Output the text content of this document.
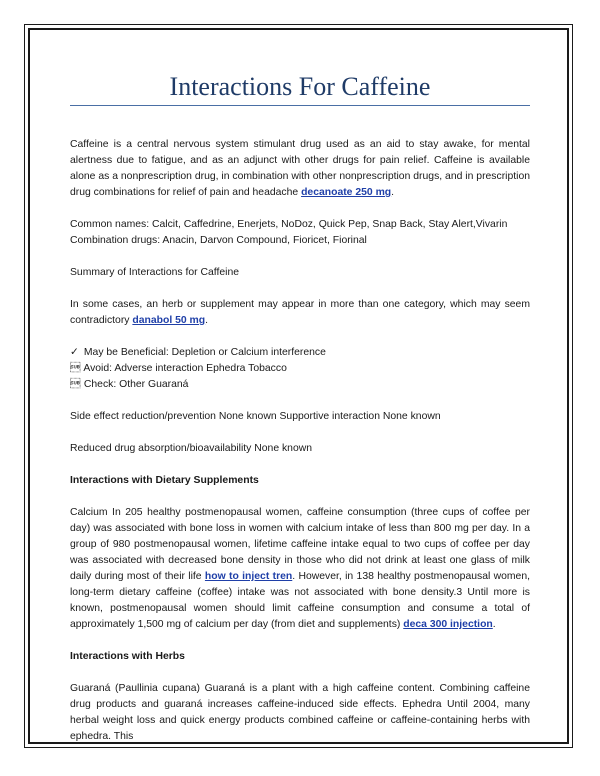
Interactions For Caffeine

Caffeine is a central nervous system stimulant drug used as an aid to stay awake, for mental alertness due to fatigue, and as an adjunct with other drugs for pain relief. Caffeine is available alone as a nonprescription drug, in combination with other nonprescription drugs, and in prescription drug combinations for relief of pain and headache decanoate 250 mg.

Common names: Calcit, Caffedrine, Enerjets, NoDoz, Quick Pep, Snap Back, Stay Alert,Vivarin
Combination drugs: Anacin, Darvon Compound, Fioricet, Fiorinal

Summary of Interactions for Caffeine

In some cases, an herb or supplement may appear in more than one category, which may seem contradictory danabol 50 mg.

✓ May be Beneficial: Depletion or Calcium interference

 Avoid: Adverse interaction Ephedra Tobacco

 Check: Other Guaraná

Side effect reduction/prevention None known Supportive interaction None known

Reduced drug absorption/bioavailability None known

Interactions with Dietary Supplements

Calcium In 205 healthy postmenopausal women, caffeine consumption (three cups of coffee per day) was associated with bone loss in women with calcium intake of less than 800 mg per day. In a group of 980 postmenopausal women, lifetime caffeine intake equal to two cups of coffee per day was associated with decreased bone density in those who did not drink at least one glass of milk daily during most of their life how to inject tren. However, in 138 healthy postmenopausal women, long-term dietary caffeine (coffee) intake was not associated with bone density.3 Until more is known, postmenopausal women should limit caffeine consumption and consume a total of approximately 1,500 mg of calcium per day (from diet and supplements) deca 300 injection.

Interactions with Herbs

Guaraná (Paullinia cupana) Guaraná is a plant with a high caffeine content. Combining caffeine drug products and guaraná increases caffeine-induced side effects. Ephedra Until 2004, many herbal weight loss and quick energy products combined caffeine or caffeine-containing herbs with ephedra. This
